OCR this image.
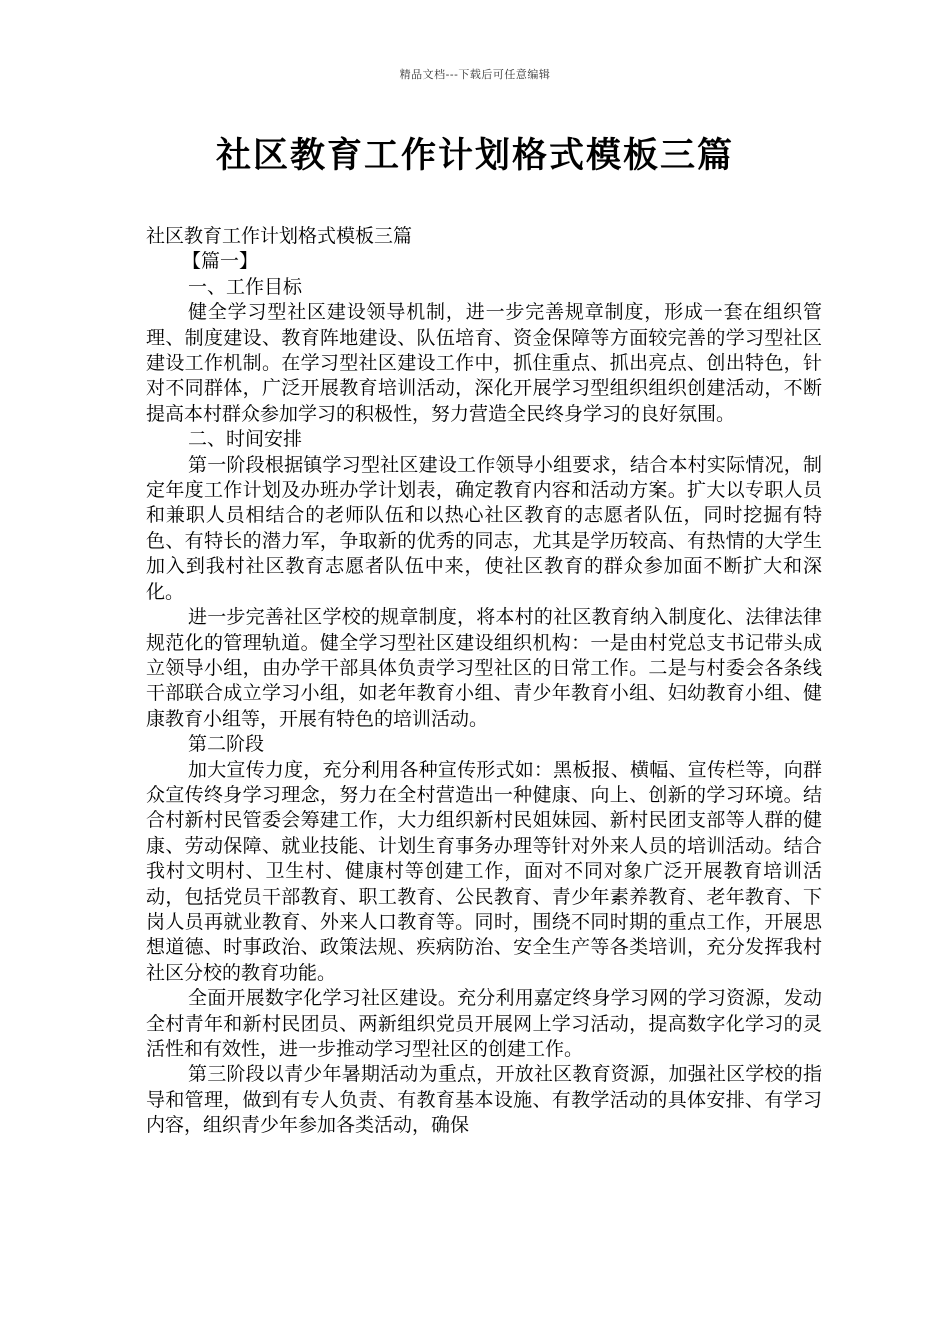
精品文档---下载后可任意编辑
社区教育工作计划格式模板三篇

社区教育工作计划格式模板三篇

【篇一】

一、工作目标

健全学习型社区建设领导机制，进一步完善规章制度，形成一套在组织管理、制度建设、教育阵地建设、队伍培育、资金保障等方面较完善的学习型社区建设工作机制。在学习型社区建设工作中，抓住重点、抓出亮点、创出特色，针对不同群体，广泛开展教育培训活动，深化开展学习型组织组织创建活动，不断提高本村群众参加学习的积极性，努力营造全民终身学习的良好氛围。

二、时间安排

第一阶段根据镇学习型社区建设工作领导小组要求，结合本村实际情况，制定年度工作计划及办班办学计划表，确定教育内容和活动方案。扩大以专职人员和兼职人员相结合的老师队伍和以热心社区教育的志愿者队伍，同时挖掘有特色、有特长的潜力军，争取新的优秀的同志，尤其是学历较高、有热情的大学生加入到我村社区教育志愿者队伍中来，使社区教育的群众参加面不断扩大和深化。

进一步完善社区学校的规章制度，将本村的社区教育纳入制度化、法律法律规范化的管理轨道。健全学习型社区建设组织机构：一是由村党总支书记带头成立领导小组，由办学干部具体负责学习型社区的日常工作。二是与村委会各条线干部联合成立学习小组，如老年教育小组、青少年教育小组、妇幼教育小组、健康教育小组等，开展有特色的培训活动。

第二阶段

加大宣传力度，充分利用各种宣传形式如：黑板报、横幅、宣传栏等，向群众宣传终身学习理念，努力在全村营造出一种健康、向上、创新的学习环境。结合村新村民管委会筹建工作，大力组织新村民姐妹园、新村民团支部等人群的健康、劳动保障、就业技能、计划生育事务办理等针对外来人员的培训活动。结合我村文明村、卫生村、健康村等创建工作，面对不同对象广泛开展教育培训活动，包括党员干部教育、职工教育、公民教育、青少年素养教育、老年教育、下岗人员再就业教育、外来人口教育等。同时，围绕不同时期的重点工作，开展思想道德、时事政治、政策法规、疾病防治、安全生产等各类培训，充分发挥我村社区分校的教育功能。

全面开展数字化学习社区建设。充分利用嘉定终身学习网的学习资源，发动全村青年和新村民团员、两新组织党员开展网上学习活动，提高数字化学习的灵活性和有效性，进一步推动学习型社区的创建工作。

第三阶段以青少年暑期活动为重点，开放社区教育资源，加强社区学校的指导和管理，做到有专人负责、有教育基本设施、有教学活动的具体安排、有学习内容，组织青少年参加各类活动，确保
